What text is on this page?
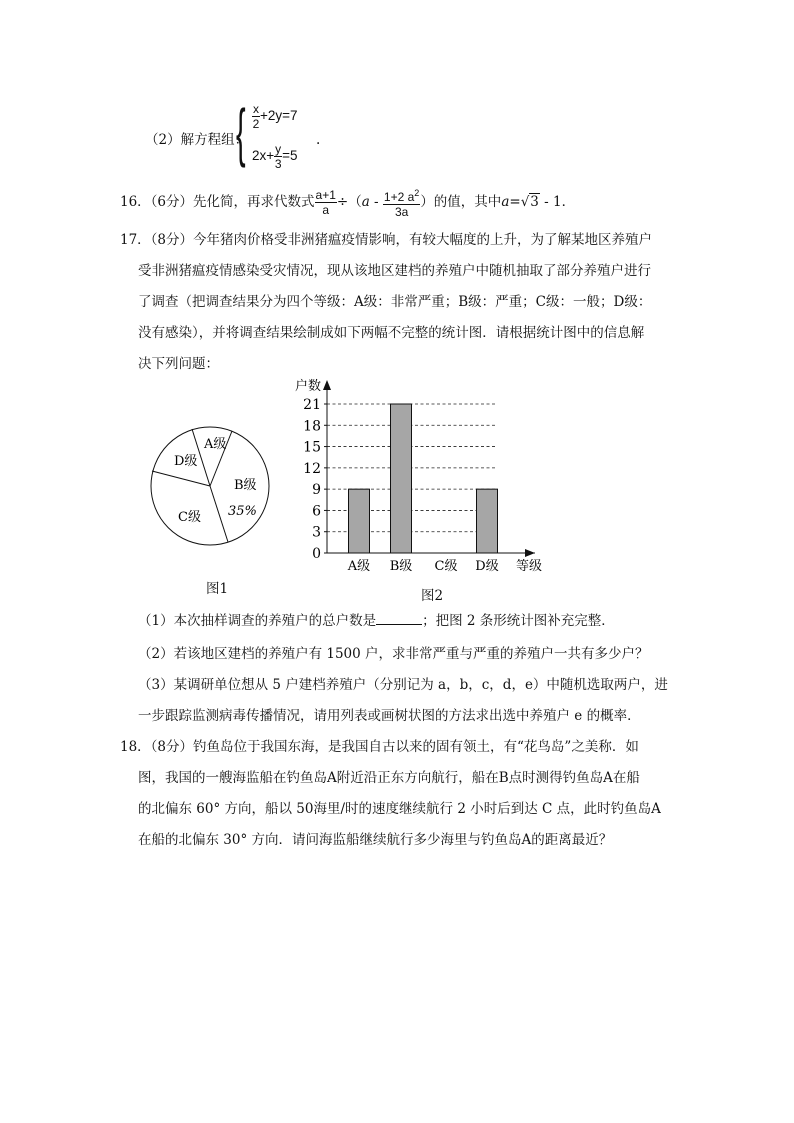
（2）解方程组：
{ $\frac{x}{2} +2y=7$
$2x+ \frac{y}{3} =5$
.
16．（6分）先化简，再求代数式 $\frac{a+1}{a} \div(a - \frac{1+2 a^2}{3a}$ ）的值，其中a=√3 - 1．
17．（8分）今年猪肉价格受非洲猪瘟疫情影响，有较大幅度的上升，为了解某地区养殖户
受非洲猪瘟疫情感染受灾情况，现从该地区建档的养殖户中随机抽取了部分养殖户进行
了调查（把调查结果分为四个等级：A级：非常严重；B级：严重；C级：一般；D级：
没有感染），并将调查结果绘制成如下两幅不完整的统计图．请根据统计图中的信息解
决下列问题：
A级
D级
B级
35%
C级
图1
0
3
6
9
12
15
18
21
户数
等级
A级 B级 C级 D级
图2
（1）本次抽样调查的养殖户的总户数是	；把图 2 条形统计图补充完整．
（2）若该地区建档的养殖户有 1500 户，求非常严重与严重的养殖户一共有多少户？
（3）某调研单位想从 5 户建档养殖户（分别记为 a，b，c，d，e）中随机选取两户，进
一步跟踪监测病毒传播情况，请用列表或画树状图的方法求出选中养殖户 e 的概率．
18．（8分）钓鱼岛位于我国东海，是我国自古以来的固有领土，有“花鸟岛”之美称．如
图，我国的一艘海监船在钓鱼岛A附近沿正东方向航行，船在B点时测得钓鱼岛A在船
的北偏东 60° 方向，船以 50海里/时的速度继续航行 2 小时后到达 C 点，此时钓鱼岛A
在船的北偏东 30° 方向．请问海监船继续航行多少海里与钓鱼岛A的距离最近？
